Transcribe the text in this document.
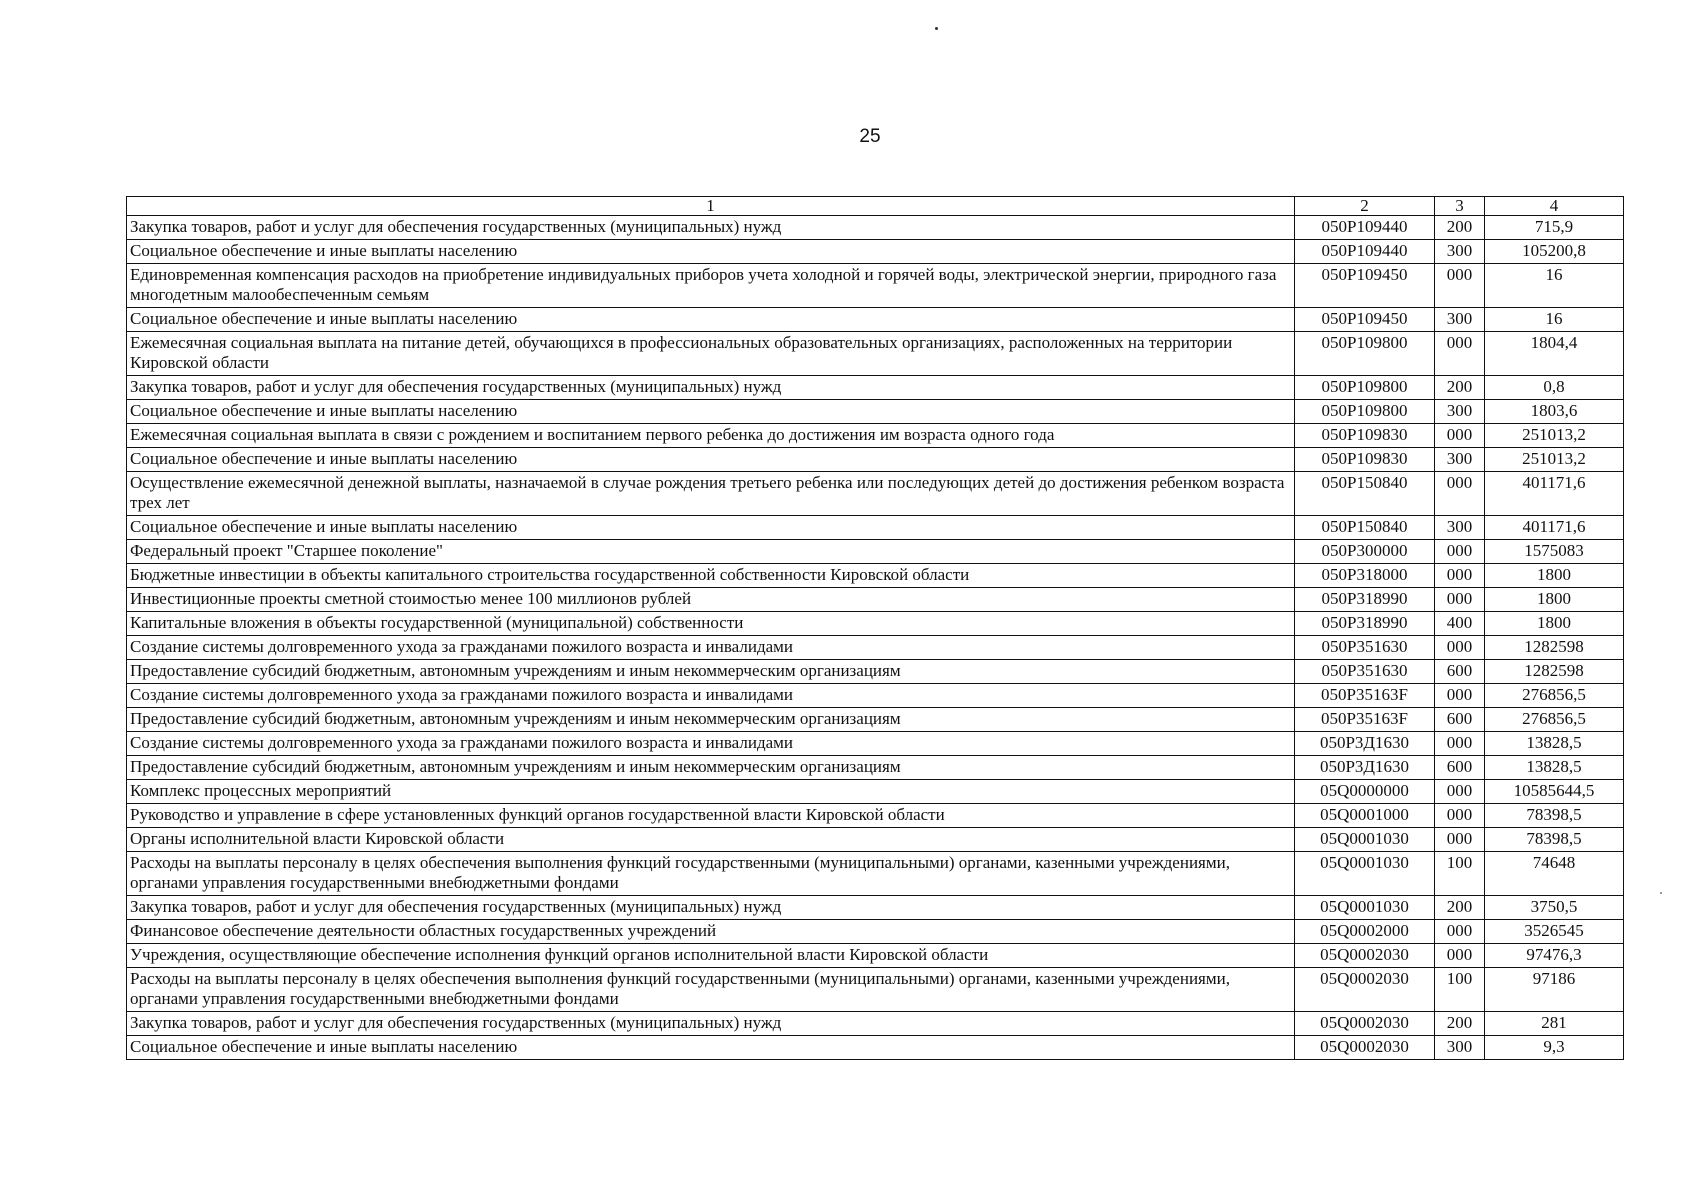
25
1	2	3	4
Закупка товаров, работ и услуг для обеспечения государственных (муниципальных) нужд	050P109440	200	715,9
Социальное обеспечение и иные выплаты населению	050P109440	300	105200,8
Единовременная компенсация расходов на приобретение индивидуальных приборов учета холодной и горячей воды, электрической энергии, природного газа многодетным малообеспеченным семьям	050P109450	000	16
Социальное обеспечение и иные выплаты населению	050P109450	300	16
Ежемесячная социальная выплата на питание детей, обучающихся в профессиональных образовательных организациях, расположенных на территории Кировской области	050P109800	000	1804,4
Закупка товаров, работ и услуг для обеспечения государственных (муниципальных) нужд	050P109800	200	0,8
Социальное обеспечение и иные выплаты населению	050P109800	300	1803,6
Ежемесячная социальная выплата в связи с рождением и воспитанием первого ребенка до достижения им возраста одного года	050P109830	000	251013,2
Социальное обеспечение и иные выплаты населению	050P109830	300	251013,2
Осуществление ежемесячной денежной выплаты, назначаемой в случае рождения третьего ребенка или последующих детей до достижения ребенком возраста трех лет	050P150840	000	401171,6
Социальное обеспечение и иные выплаты населению	050P150840	300	401171,6
Федеральный проект "Старшее поколение"	050P300000	000	1575083
Бюджетные инвестиции в объекты капитального строительства государственной собственности Кировской области	050P318000	000	1800
Инвестиционные проекты сметной стоимостью менее 100 миллионов рублей	050P318990	000	1800
Капитальные вложения в объекты государственной (муниципальной) собственности	050P318990	400	1800
Создание системы долговременного ухода за гражданами пожилого возраста и инвалидами	050P351630	000	1282598
Предоставление субсидий бюджетным, автономным учреждениям и иным некоммерческим организациям	050P351630	600	1282598
Создание системы долговременного ухода за гражданами пожилого возраста и инвалидами	050P35163F	000	276856,5
Предоставление субсидий бюджетным, автономным учреждениям и иным некоммерческим организациям	050P35163F	600	276856,5
Создание системы долговременного ухода за гражданами пожилого возраста и инвалидами	050P3Д1630	000	13828,5
Предоставление субсидий бюджетным, автономным учреждениям и иным некоммерческим организациям	050P3Д1630	600	13828,5
Комплекс процессных мероприятий	05Q0000000	000	10585644,5
Руководство и управление в сфере установленных функций органов государственной власти Кировской области	05Q0001000	000	78398,5
Органы исполнительной власти Кировской области	05Q0001030	000	78398,5
Расходы на выплаты персоналу в целях обеспечения выполнения функций государственными (муниципальными) органами, казенными учреждениями, органами управления государственными внебюджетными фондами	05Q0001030	100	74648
Закупка товаров, работ и услуг для обеспечения государственных (муниципальных) нужд	05Q0001030	200	3750,5
Финансовое обеспечение деятельности областных государственных учреждений	05Q0002000	000	3526545
Учреждения, осуществляющие обеспечение исполнения функций органов исполнительной власти Кировской области	05Q0002030	000	97476,3
Расходы на выплаты персоналу в целях обеспечения выполнения функций государственными (муниципальными) органами, казенными учреждениями, органами управления государственными внебюджетными фондами	05Q0002030	100	97186
Закупка товаров, работ и услуг для обеспечения государственных (муниципальных) нужд	05Q0002030	200	281
Социальное обеспечение и иные выплаты населению	05Q0002030	300	9,3
